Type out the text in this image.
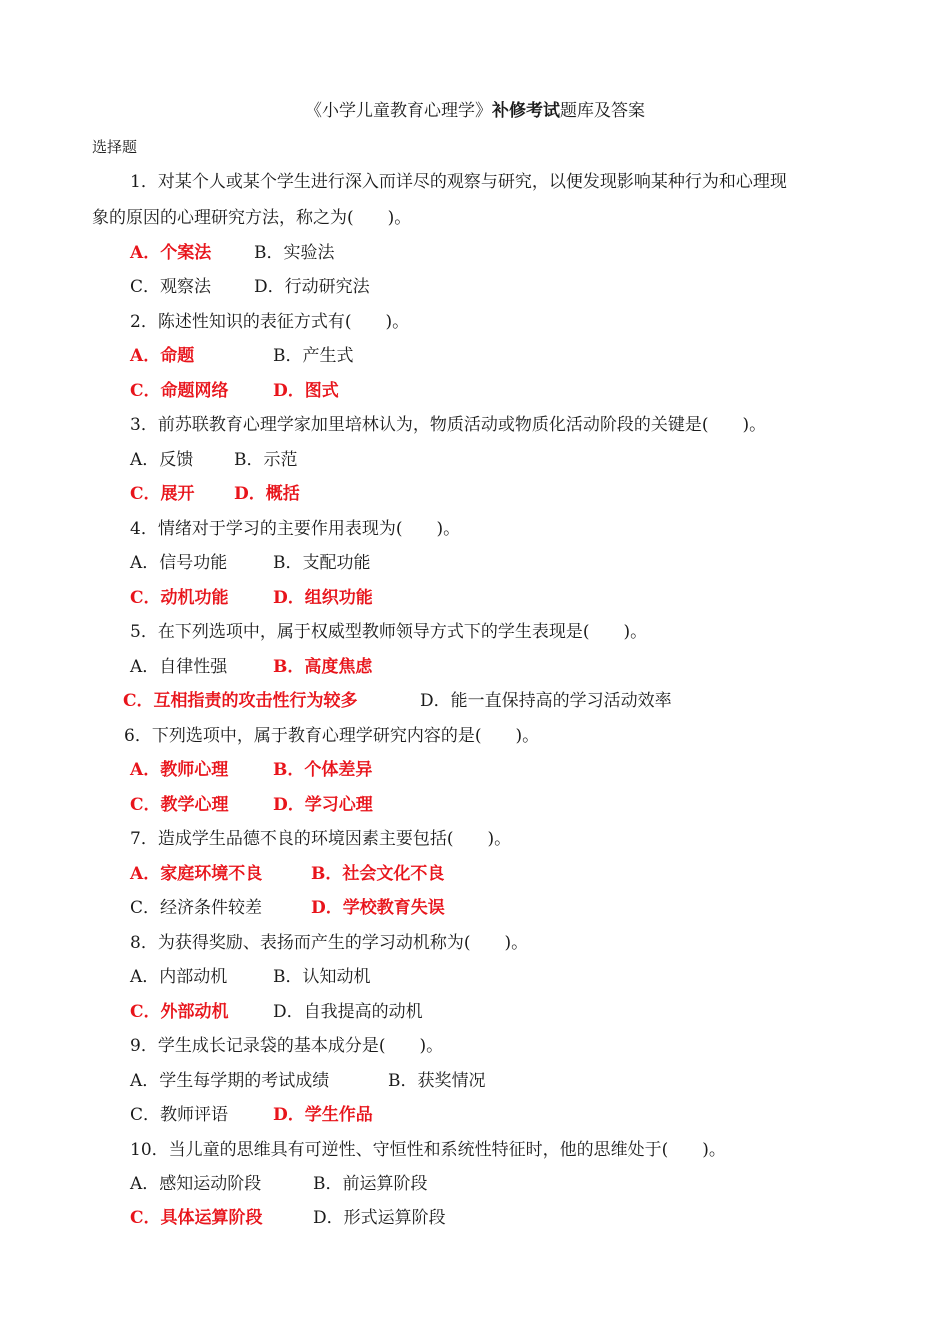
《小学儿童教育心理学》补修考试题库及答案
选择题
1．对某个人或某个学生进行深入而详尽的观察与研究，以便发现影响某种行为和心理现
象的原因的心理研究方法，称之为(　　)。
A．个案法	B．实验法
C．观察法	D．行动研究法
2．陈述性知识的表征方式有(　　)。
A．命题	B．产生式
C．命题网络	D．图式
3．前苏联教育心理学家加里培林认为，物质活动或物质化活动阶段的关键是(　　)。
A．反馈 B．示范
C．展开 D．概括
4．情绪对于学习的主要作用表现为(　　)。
A．信号功能	B．支配功能
C．动机功能	D．组织功能
5．在下列选项中，属于权威型教师领导方式下的学生表现是(　　)。
A．自律性强	B．高度焦虑
C．互相指责的攻击性行为较多	D．能一直保持高的学习活动效率
6．下列选项中，属于教育心理学研究内容的是(　　)。
A．教师心理	B．个体差异
C．教学心理	D．学习心理
7．造成学生品德不良的环境因素主要包括(　　)。
A．家庭环境不良	B．社会文化不良
C．经济条件较差	D．学校教育失误
8．为获得奖励、表扬而产生的学习动机称为(　　)。
A．内部动机	B．认知动机
C．外部动机	D．自我提高的动机
9．学生成长记录袋的基本成分是(　　)。
A．学生每学期的考试成绩	B．获奖情况
C．教师评语	D．学生作品
10．当儿童的思维具有可逆性、守恒性和系统性特征时，他的思维处于(　　)。
A．感知运动阶段	B．前运算阶段
C．具体运算阶段	D．形式运算阶段
